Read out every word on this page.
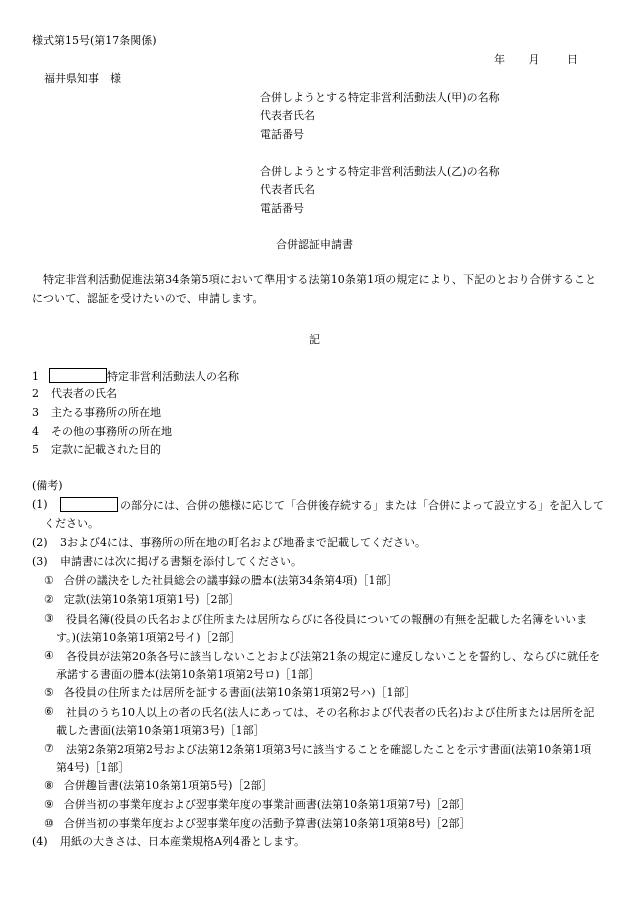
様式第15号(第17条関係)
年 月	日
福井県知事　様
合併しようとする特定非営利活動法人(甲)の名称
代表者氏名
電話番号
合併しようとする特定非営利活動法人(乙)の名称
代表者氏名
電話番号
合併認証申請書
特定非営利活動促進法第34条第5項において準用する法第10条第1項の規定により、下記のとおり合併することについて、認証を受けたいので、申請します。
記
1	特定非営利活動法人の名称
2 代表者の氏名
3 主たる事務所の所在地
4 その他の事務所の所在地
5 定款に記載された目的
(備考)
(1)	の部分には、合併の態様に応じて「合併後存続する」または「合併によって設立する」を記入してください。
(2) 3および4には、事務所の所在地の町名および地番まで記載してください。
(3) 申請書には次に掲げる書類を添付してください。
① 合併の議決をした社員総会の議事録の謄本(法第34条第4項)［1部］
② 定款(法第10条第1項第1号)［2部］
③	役員名簿(役員の氏名および住所または居所ならびに各役員についての報酬の有無を記載した名簿をいいます。)(法第10条第1項第2号イ)［2部］
④	各役員が法第20条各号に該当しないことおよび法第21条の規定に違反しないことを誓約し、ならびに就任を承諾する書面の謄本(法第10条第1項第2号ロ)［1部］
⑤ 各役員の住所または居所を証する書面(法第10条第1項第2号ハ)［1部］
⑥	社員のうち10人以上の者の氏名(法人にあっては、その名称および代表者の氏名)および住所または居所を記載した書面(法第10条第1項第3号)［1部］
⑦	法第2条第2項第2号および法第12条第1項第3号に該当することを確認したことを示す書面(法第10条第1項第4号)［1部］
⑧ 合併趣旨書(法第10条第1項第5号)［2部］
⑨ 合併当初の事業年度および翌事業年度の事業計画書(法第10条第1項第7号)［2部］
⑩ 合併当初の事業年度および翌事業年度の活動予算書(法第10条第1項第8号)［2部］
(4) 用紙の大きさは、日本産業規格A列4番とします。
